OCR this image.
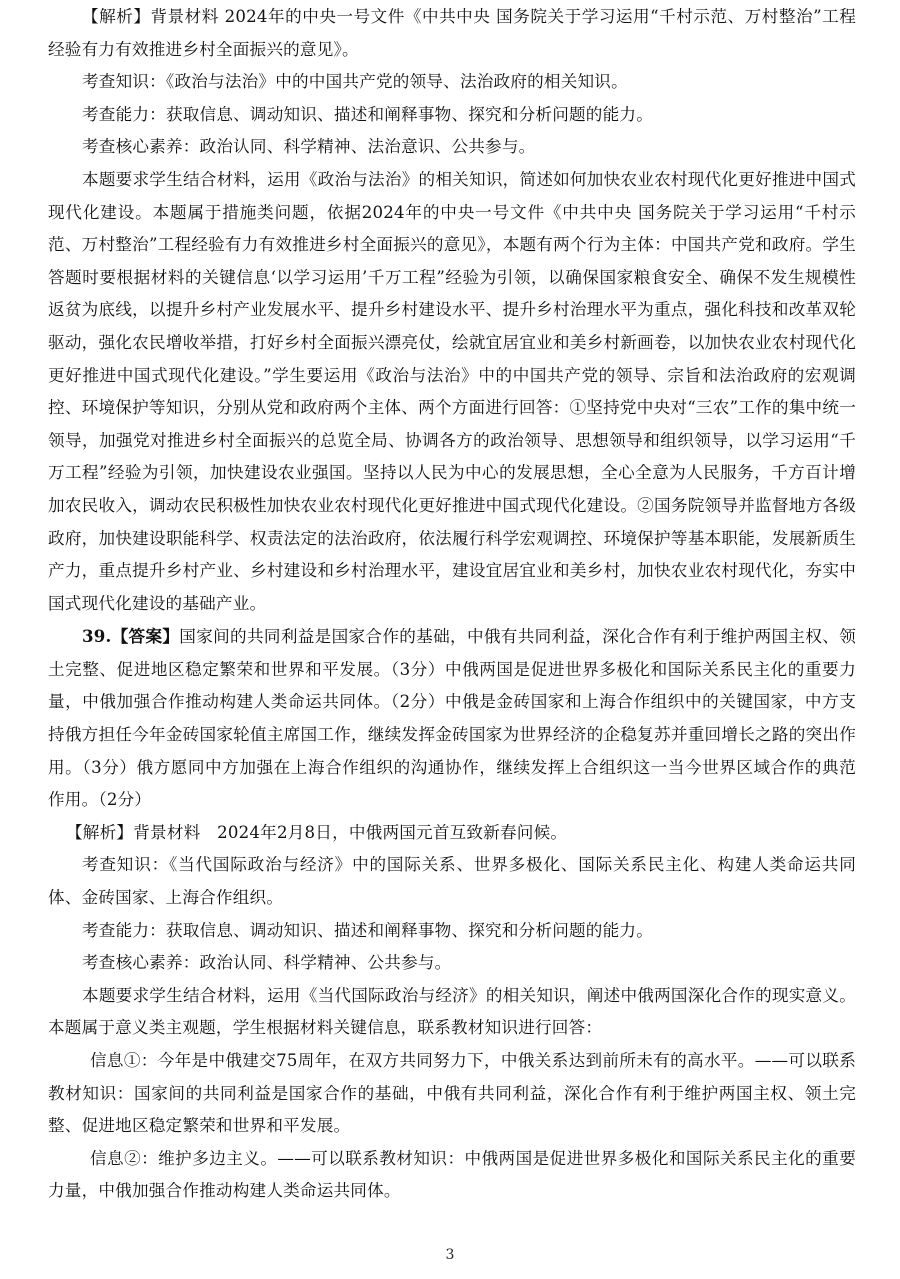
【解析】背景材料 2024年的中央一号文件《中共中央 国务院关于学习运用“千村示范、万村整治”工程经验有力有效推进乡村全面振兴的意见》。

考查知识：《政治与法治》中的中国共产党的领导、法治政府的相关知识。

考查能力：获取信息、调动知识、描述和阐释事物、探究和分析问题的能力。

考查核心素养：政治认同、科学精神、法治意识、公共参与。

本题要求学生结合材料，运用《政治与法治》的相关知识，简述如何加快农业农村现代化更好推进中国式现代化建设。本题属于措施类问题，依据2024年的中央一号文件《中共中央 国务院关于学习运用“千村示范、万村整治”工程经验有力有效推进乡村全面振兴的意见》，本题有两个行为主体：中国共产党和政府。学生答题时要根据材料的关键信息‘以学习运用’千万工程”经验为引领，以确保国家粮食安全、确保不发生规模性返贫为底线，以提升乡村产业发展水平、提升乡村建设水平、提升乡村治理水平为重点，强化科技和改革双轮驱动，强化农民增收举措，打好乡村全面振兴漂亮仗，绘就宜居宜业和美乡村新画卷，以加快农业农村现代化更好推进中国式现代化建设。”学生要运用《政治与法治》中的中国共产党的领导、宗旨和法治政府的宏观调控、环境保护等知识，分别从党和政府两个主体、两个方面进行回答：①坚持党中央对“三农”工作的集中统一领导，加强党对推进乡村全面振兴的总览全局、协调各方的政治领导、思想领导和组织领导，以学习运用“千万工程”经验为引领，加快建设农业强国。坚持以人民为中心的发展思想，全心全意为人民服务，千方百计增加农民收入，调动农民积极性加快农业农村现代化更好推进中国式现代化建设。②国务院领导并监督地方各级政府，加快建设职能科学、权责法定的法治政府，依法履行科学宏观调控、环境保护等基本职能，发展新质生产力，重点提升乡村产业、乡村建设和乡村治理水平，建设宜居宜业和美乡村，加快农业农村现代化，夯实中国式现代化建设的基础产业。

39.【答案】国家间的共同利益是国家合作的基础，中俄有共同利益，深化合作有利于维护两国主权、领土完整、促进地区稳定繁荣和世界和平发展。（3分）中俄两国是促进世界多极化和国际关系民主化的重要力量，中俄加强合作推动构建人类命运共同体。（2分）中俄是金砖国家和上海合作组织中的关键国家，中方支持俄方担任今年金砖国家轮值主席国工作，继续发挥金砖国家为世界经济的企稳复苏并重回增长之路的突出作用。（3分）俄方愿同中方加强在上海合作组织的沟通协作，继续发挥上合组织这一当今世界区域合作的典范作用。（2分）

【解析】背景材料　2024年2月8日，中俄两国元首互致新春问候。

考查知识：《当代国际政治与经济》中的国际关系、世界多极化、国际关系民主化、构建人类命运共同体、金砖国家、上海合作组织。

考查能力：获取信息、调动知识、描述和阐释事物、探究和分析问题的能力。

考查核心素养：政治认同、科学精神、公共参与。

本题要求学生结合材料，运用《当代国际政治与经济》的相关知识，阐述中俄两国深化合作的现实意义。本题属于意义类主观题，学生根据材料关键信息，联系教材知识进行回答：

信息①：今年是中俄建交75周年，在双方共同努力下，中俄关系达到前所未有的高水平。——可以联系教材知识：国家间的共同利益是国家合作的基础，中俄有共同利益，深化合作有利于维护两国主权、领土完整、促进地区稳定繁荣和世界和平发展。

信息②：维护多边主义。——可以联系教材知识：中俄两国是促进世界多极化和国际关系民主化的重要力量，中俄加强合作推动构建人类命运共同体。

3
